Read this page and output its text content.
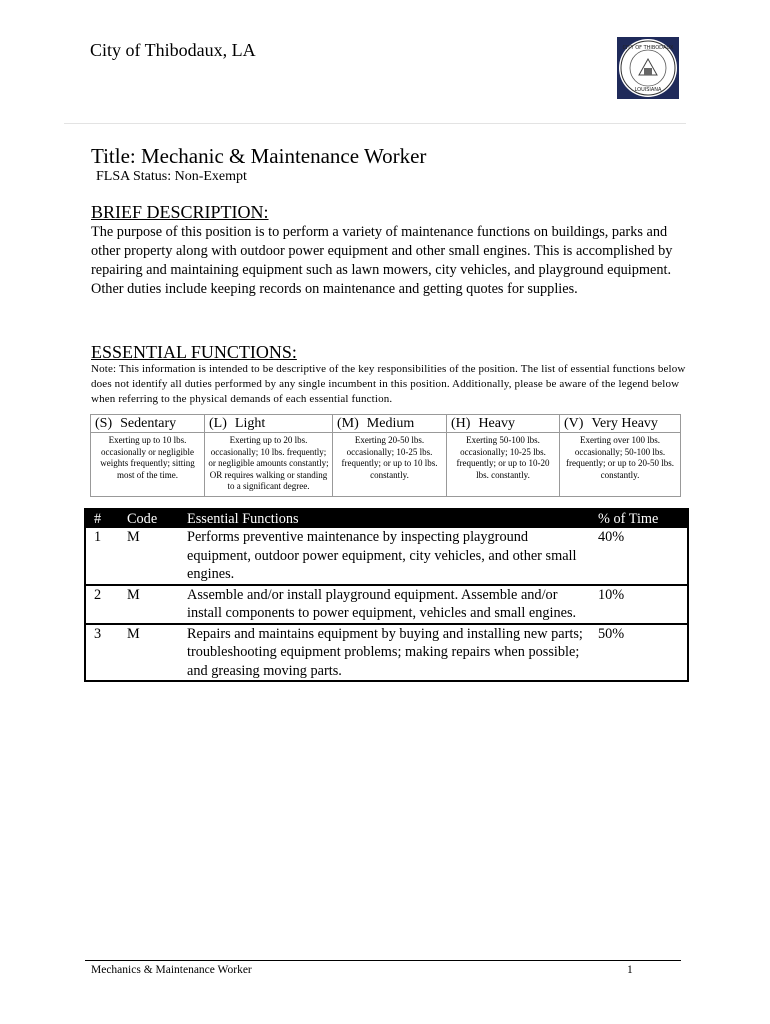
City of Thibodaux, LA	CITY OF THIBODAUX
LOUISIANA
Title: Mechanic & Maintenance Worker
FLSA Status: Non-Exempt
BRIEF DESCRIPTION:
The purpose of this position is to perform a variety of maintenance functions on buildings, parks and other property along with outdoor power equipment and other small engines. This is accomplished by repairing and maintaining equipment such as lawn mowers, city vehicles, and playground equipment. Other duties include keeping records on maintenance and getting quotes for supplies.
ESSENTIAL FUNCTIONS:
Note: This information is intended to be descriptive of the key responsibilities of the position. The list of essential functions below does not identify all duties performed by any single incumbent in this position. Additionally, please be aware of the legend below when referring to the physical demands of each essential function.
(S) Sedentary	(L) Light	(M) Medium	(H) Heavy	(V) Very Heavy
Exerting up to 10 lbs. occasionally or negligible weights frequently; sitting most of the time.	Exerting up to 20 lbs. occasionally; 10 lbs. frequently; or negligible amounts constantly; OR requires walking or standing to a significant degree.	Exerting 20-50 lbs. occasionally; 10-25 lbs. frequently; or up to 10 lbs. constantly.	Exerting 50-100 lbs. occasionally; 10-25 lbs. frequently; or up to 10-20 lbs. constantly.	Exerting over 100 lbs. occasionally; 50-100 lbs. frequently; or up to 20-50 lbs. constantly.
#	Code	Essential Functions	% of Time
1	M	Performs preventive maintenance by inspecting playground equipment, outdoor power equipment, city vehicles, and other small engines.	40%
2	M	Assemble and/or install playground equipment. Assemble and/or install components to power equipment, vehicles and small engines.	10%
3	M	Repairs and maintains equipment by buying and installing new parts; troubleshooting equipment problems; making repairs when possible; and greasing moving parts.	50%
Mechanics & Maintenance Worker	1
